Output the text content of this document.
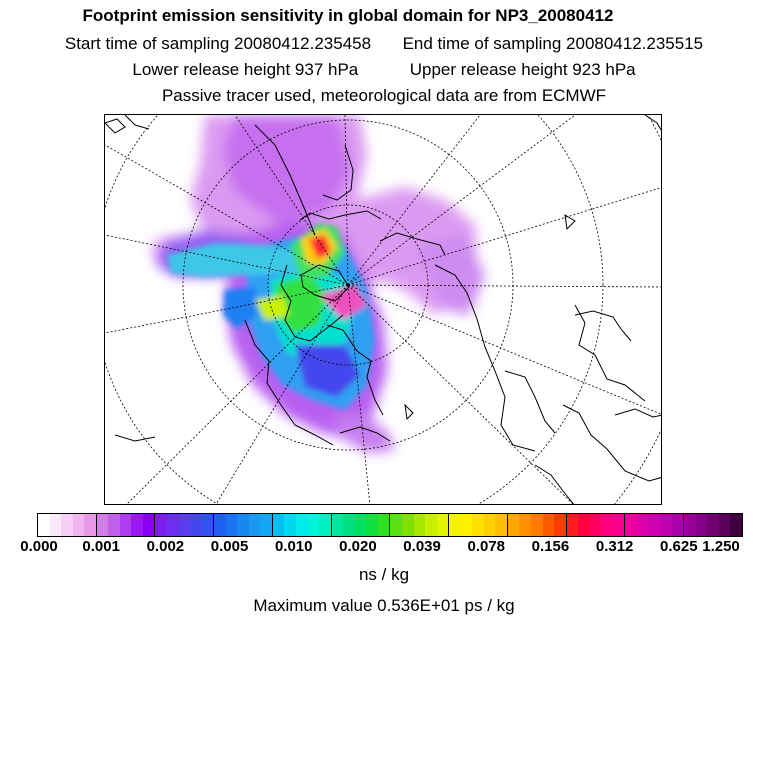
Footprint emission sensitivity in global domain for NP3_20080412
Start time of sampling 20080412.235458 End time of sampling 20080412.235515
Lower release height 937 hPa	Upper release height 923 hPa
Passive tracer used, meteorological data are from ECMWF
ns / kg
Maximum value 0.536E+01 ps / kg
0.000 0.001 0.002 0.005 0.010 0.020 0.039 0.078 0.156 0.312 0.625 1.250
